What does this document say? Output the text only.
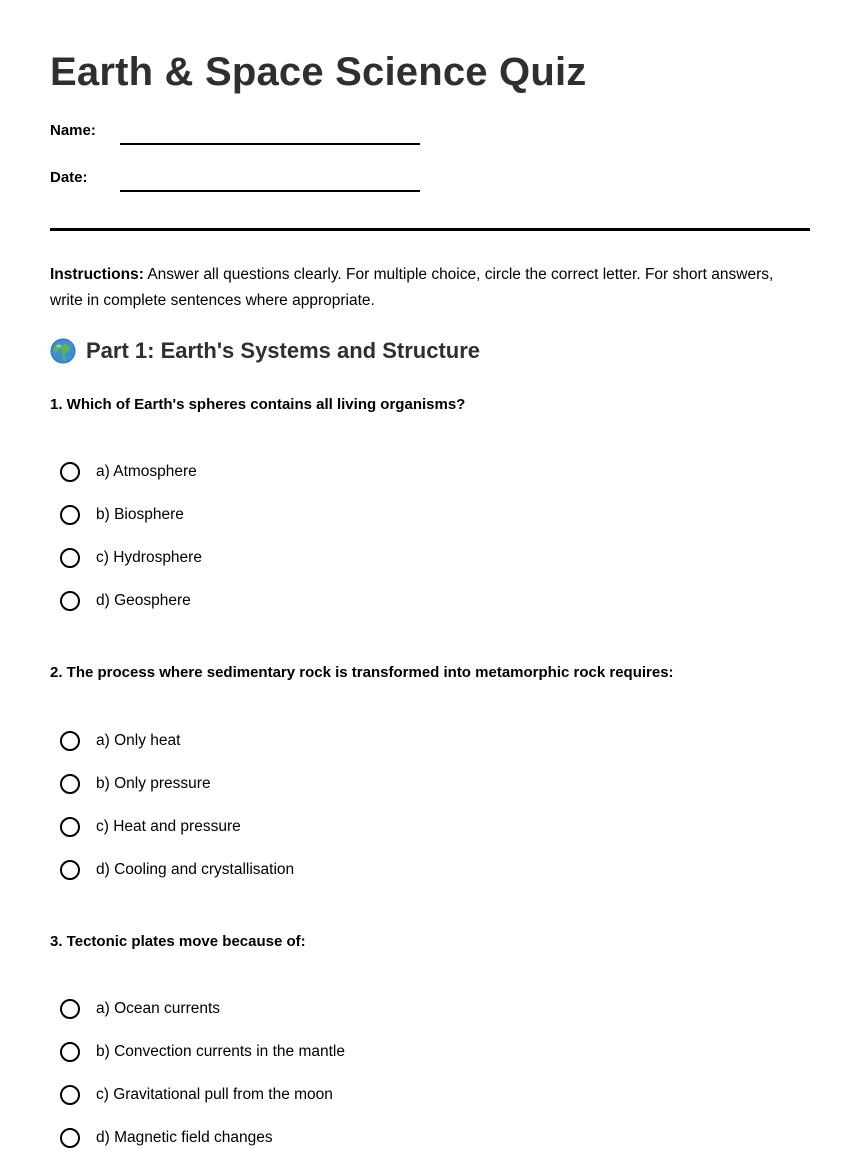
Earth & Space Science Quiz
Name:
Date:
Instructions: Answer all questions clearly. For multiple choice, circle the correct letter. For short answers, write in complete sentences where appropriate.
Part 1: Earth's Systems and Structure
1. Which of Earth's spheres contains all living organisms?
a) Atmosphere
b) Biosphere
c) Hydrosphere
d) Geosphere
2. The process where sedimentary rock is transformed into metamorphic rock requires:
a) Only heat
b) Only pressure
c) Heat and pressure
d) Cooling and crystallisation
3. Tectonic plates move because of:
a) Ocean currents
b) Convection currents in the mantle
c) Gravitational pull from the moon
d) Magnetic field changes
